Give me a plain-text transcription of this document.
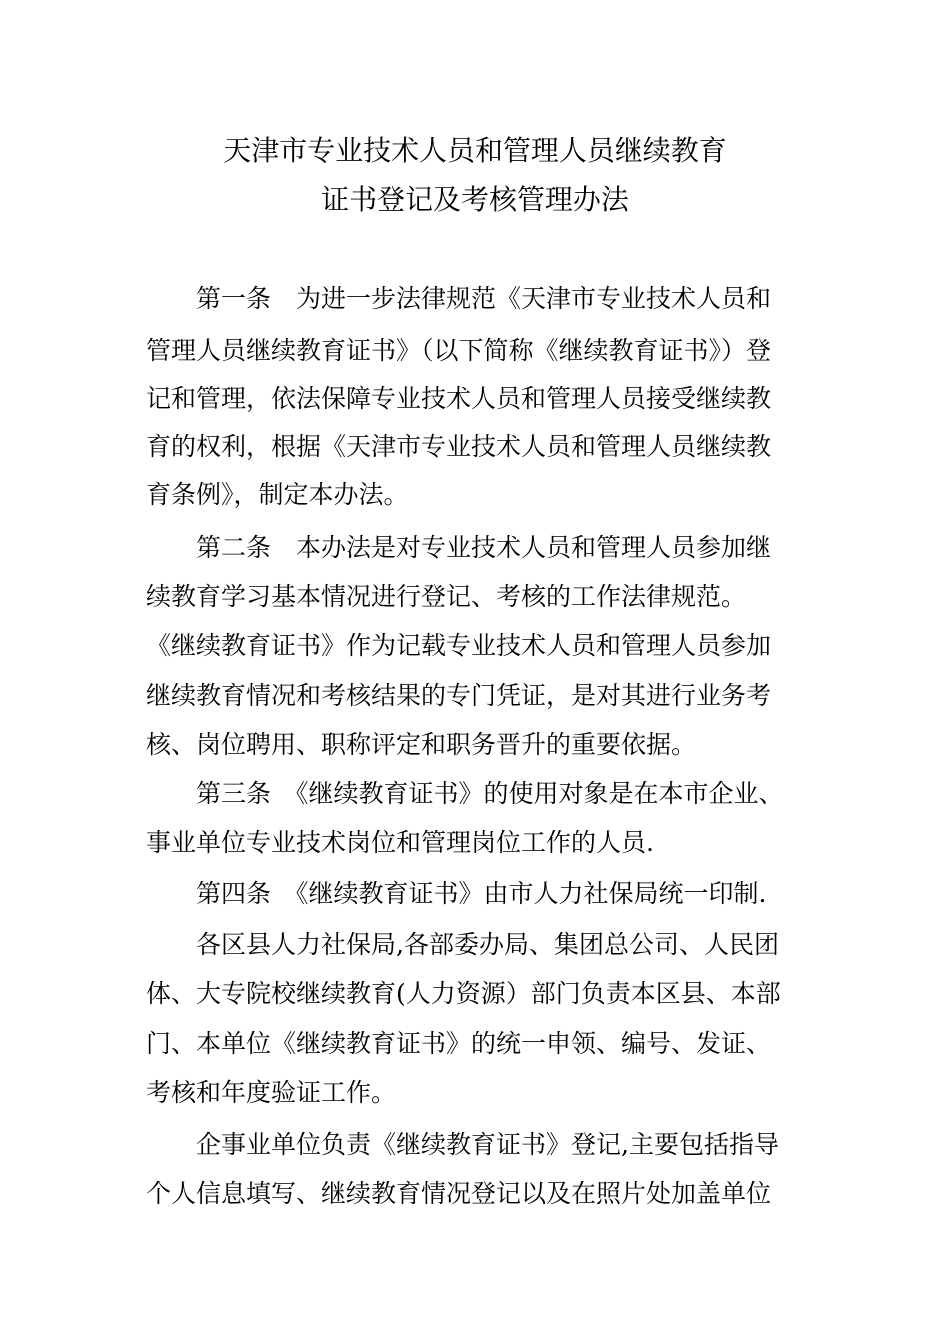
天津市专业技术人员和管理人员继续教育
证书登记及考核管理办法
第一条　为进一步法律规范《天津市专业技术人员和
管理人员继续教育证书》（以下简称《继续教育证书》）登
记和管理，依法保障专业技术人员和管理人员接受继续教
育的权利，根据《天津市专业技术人员和管理人员继续教
育条例》，制定本办法。
第二条　本办法是对专业技术人员和管理人员参加继
续教育学习基本情况进行登记、考核的工作法律规范。
《继续教育证书》作为记载专业技术人员和管理人员参加
继续教育情况和考核结果的专门凭证，是对其进行业务考
核、岗位聘用、职称评定和职务晋升的重要依据。
第三条　《继续教育证书》的使用对象是在本市企业、
事业单位专业技术岗位和管理岗位工作的人员.
第四条　《继续教育证书》由市人力社保局统一印制.
各区县人力社保局,各部委办局、集团总公司、人民团
体、大专院校继续教育(人力资源）部门负责本区县、本部
门、本单位《继续教育证书》的统一申领、编号、发证、
考核和年度验证工作。
企事业单位负责《继续教育证书》登记,主要包括指导
个人信息填写、继续教育情况登记以及在照片处加盖单位
